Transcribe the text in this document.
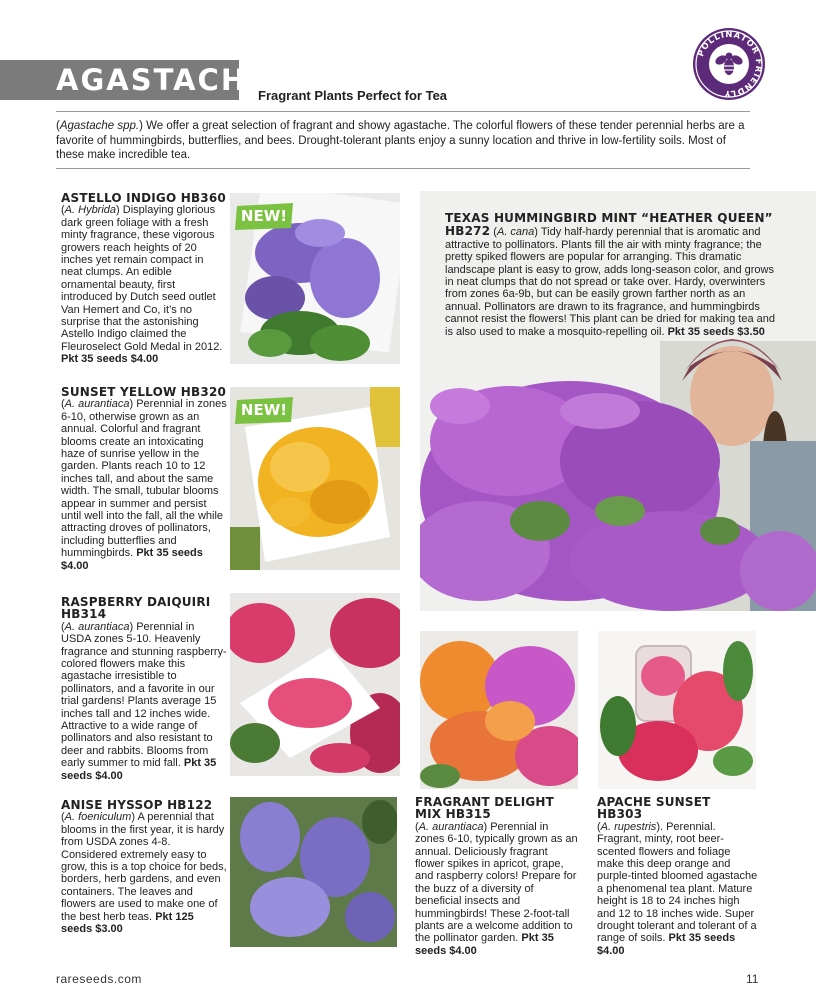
AGASTACHE
Fragrant Plants Perfect for Tea
POLLINATOR FRIENDLY
(Agastache spp.) We offer a great selection of fragrant and showy agastache. The colorful flowers of these tender perennial herbs are a favorite of hummingbirds, butterflies, and bees. Drought-tolerant plants enjoy a sunny location and thrive in low-fertility soils. Most of these make incredible tea.
ASTELLO INDIGO HB360
(A. Hybrida) Displaying glorious dark green foliage with a fresh minty fragrance, these vigorous growers reach heights of 20 inches yet remain compact in neat clumps. An edible ornamental beauty, first introduced by Dutch seed outlet Van Hemert and Co, it’s no surprise that the astonishing Astello Indigo claimed the Fleuroselect Gold Medal in 2012. Pkt 35 seeds $4.00
NEW!
SUNSET YELLOW HB320
(A. aurantiaca) Perennial in zones 6-10, otherwise grown as an annual. Colorful and fragrant blooms create an intoxicating haze of sunrise yellow in the garden. Plants reach 10 to 12 inches tall, and about the same width. The small, tubular blooms appear in summer and persist until well into the fall, all the while attracting droves of pollinators, including butterflies and hummingbirds. Pkt 35 seeds $4.00
NEW!
RASPBERRY DAIQUIRI HB314
(A. aurantiaca) Perennial in USDA zones 5-10. Heavenly fragrance and stunning raspberry-colored flowers make this agastache irresistible to pollinators, and a favorite in our trial gardens! Plants average 15 inches tall and 12 inches wide. Attractive to a wide range of pollinators and also resistant to deer and rabbits. Blooms from early summer to mid fall. Pkt 35 seeds $4.00
ANISE HYSSOP HB122
(A. foeniculum) A perennial that blooms in the first year, it is hardy from USDA zones 4-8. Considered extremely easy to grow, this is a top choice for beds, borders, herb gardens, and even containers. The leaves and flowers are used to make one of the best herb teas. Pkt 125 seeds $3.00
TEXAS HUMMINGBIRD MINT “HEATHER QUEEN” HB272 (A. cana) Tidy half-hardy perennial that is aromatic and attractive to pollinators. Plants fill the air with minty fragrance; the pretty spiked flowers are popular for arranging. This dramatic landscape plant is easy to grow, adds long-season color, and grows in neat clumps that do not spread or take over. Hardy, overwinters from zones 6a-9b, but can be easily grown farther north as an annual. Pollinators are drawn to its fragrance, and hummingbirds cannot resist the flowers! This plant can be dried for making tea and is also used to make a mosquito-repelling oil. Pkt 35 seeds $3.50
FRAGRANT DELIGHT MIX HB315
(A. aurantiaca) Perennial in zones 6-10, typically grown as an annual. Deliciously fragrant flower spikes in apricot, grape, and raspberry colors! Prepare for the buzz of a diversity of beneficial insects and hummingbirds! These 2-foot-tall plants are a welcome addition to the pollinator garden. Pkt 35 seeds $4.00
APACHE SUNSET HB303
(A. rupestris). Perennial. Fragrant, minty, root beer-scented flowers and foliage make this deep orange and purple-tinted bloomed agastache a phenomenal tea plant. Mature height is 18 to 24 inches high and 12 to 18 inches wide. Super drought tolerant and tolerant of a range of soils. Pkt 35 seeds $4.00
rareseeds.com	11
